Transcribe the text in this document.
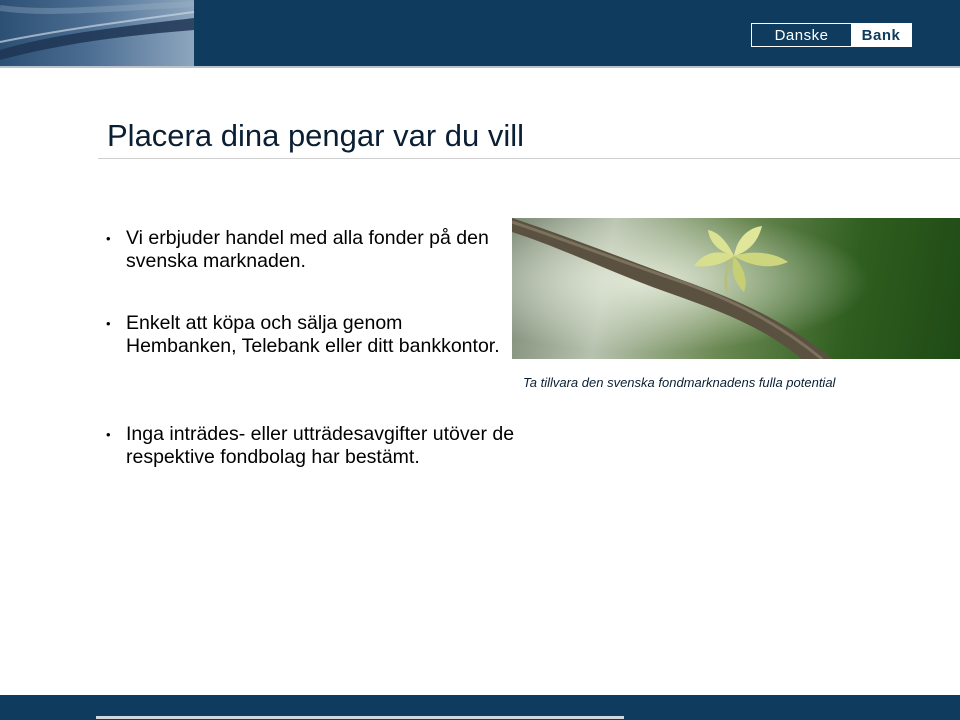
Danske	Bank
Placera dina pengar var du vill
• Vi erbjuder handel med alla fonder på den svenska marknaden.
• Enkelt att köpa och sälja genom Hembanken, Telebank eller ditt bankkontor.
• Inga inträdes- eller utträdesavgifter utöver de respektive fondbolag har bestämt.
Ta tillvara den svenska fondmarknadens fulla potential
